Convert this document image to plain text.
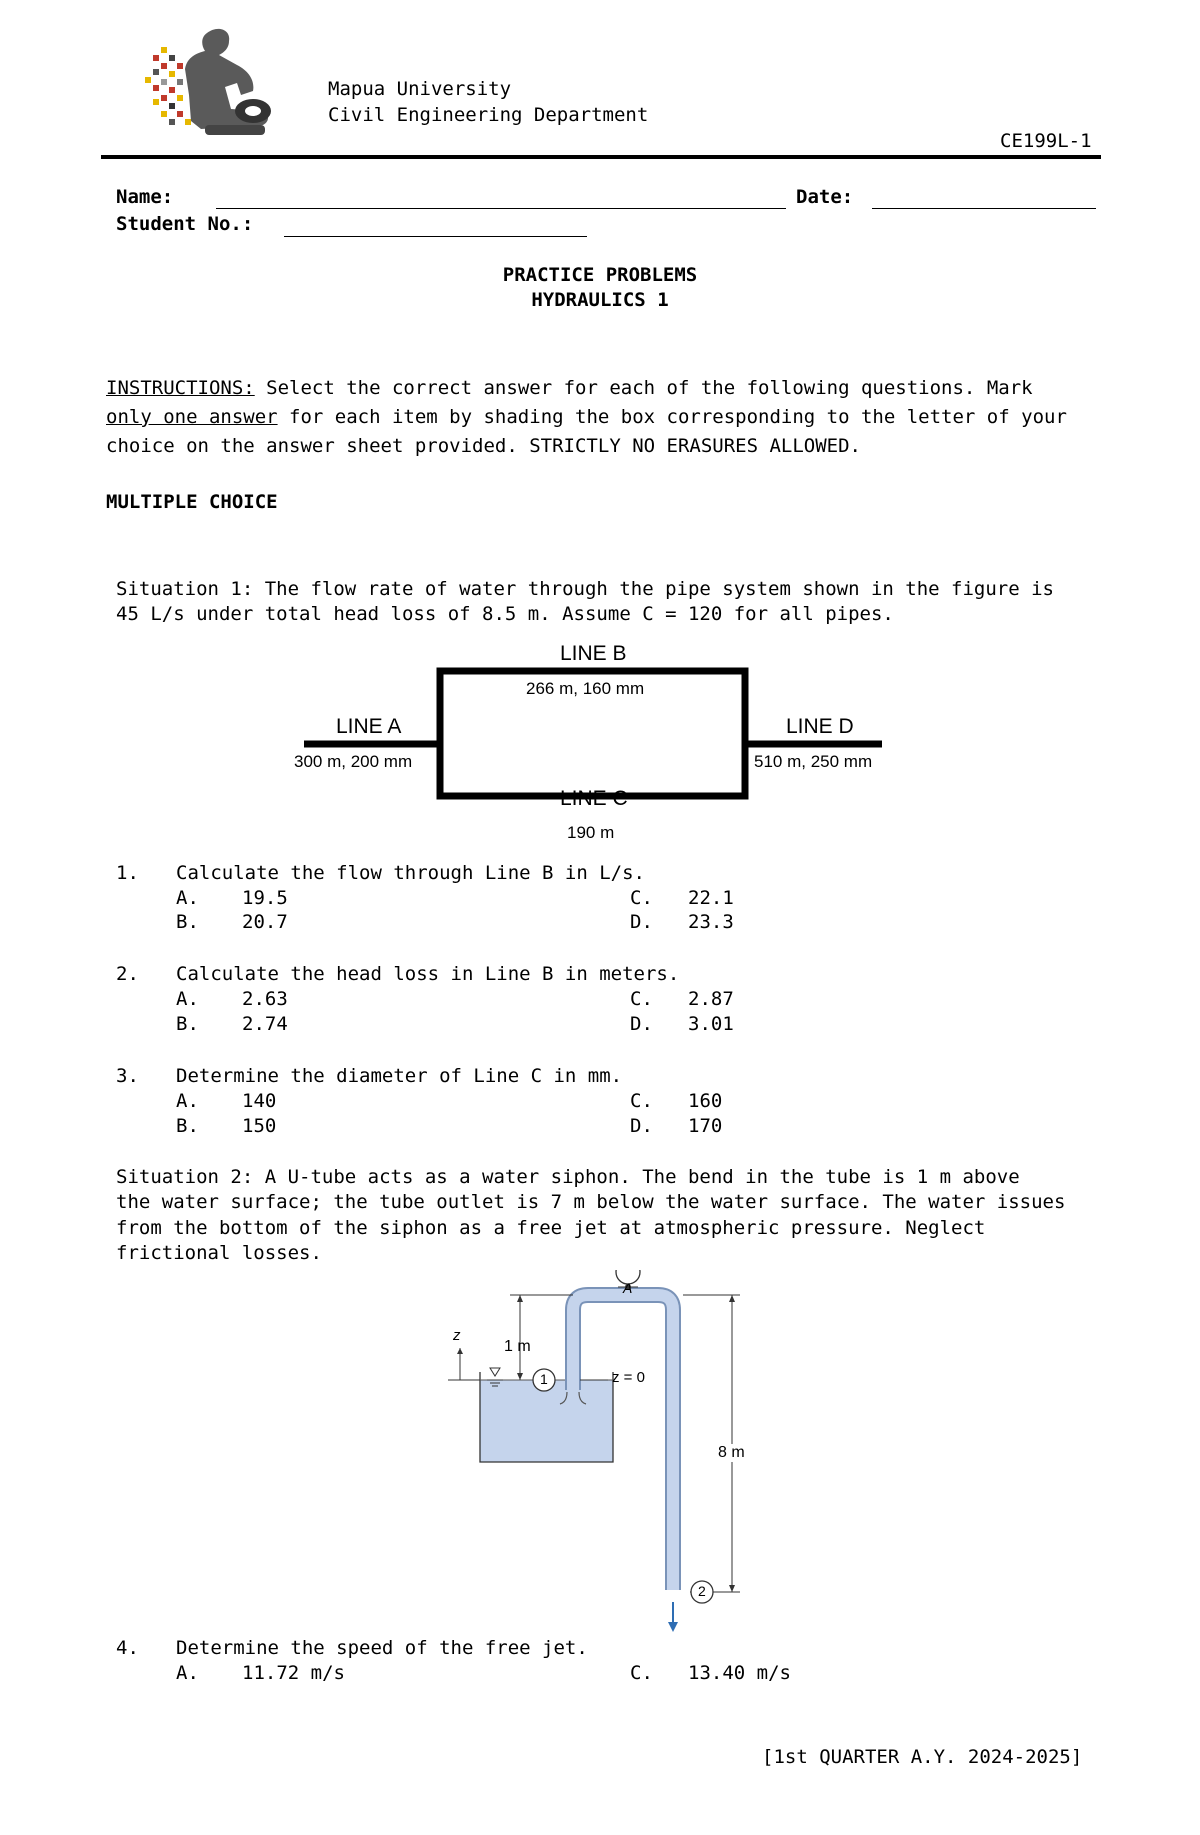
Mapua University
Civil Engineering Department
CE199L-1
Name:	Date:
Student No.:
PRACTICE PROBLEMS
HYDRAULICS 1

INSTRUCTIONS: Select the correct answer for each of the following questions. Mark
only one answer for each item by shading the box corresponding to the letter of your
choice on the answer sheet provided. STRICTLY NO ERASURES ALLOWED.
MULTIPLE CHOICE
Situation 1: The flow rate of water through the pipe system shown in the figure is
45 L/s under total head loss of 8.5 m. Assume C = 120 for all pipes.
LINE B
266 m, 160 mm
LINE A
300 m, 200 mm
LINE D
510 m, 250 mm
LINE C
190 m
1. Calculate the flow through Line B in L/s.
A. 19.5	C. 22.1
B. 20.7	D. 23.3
2. Calculate the head loss in Line B in meters.
A. 2.63	C. 2.87
B. 2.74	D. 3.01
3. Determine the diameter of Line C in mm.
A. 140	C. 160
B. 150	D. 170
Situation 2: A U-tube acts as a water siphon. The bend in the tube is 1 m above
the water surface; the tube outlet is 7 m below the water surface. The water issues
from the bottom of the siphon as a free jet at atmospheric pressure. Neglect
frictional losses.
A
1
2
z
1 m
z = 0
8 m
4. Determine the speed of the free jet.
A. 11.72 m/s	C. 13.40 m/s
[1st QUARTER A.Y. 2024-2025]
